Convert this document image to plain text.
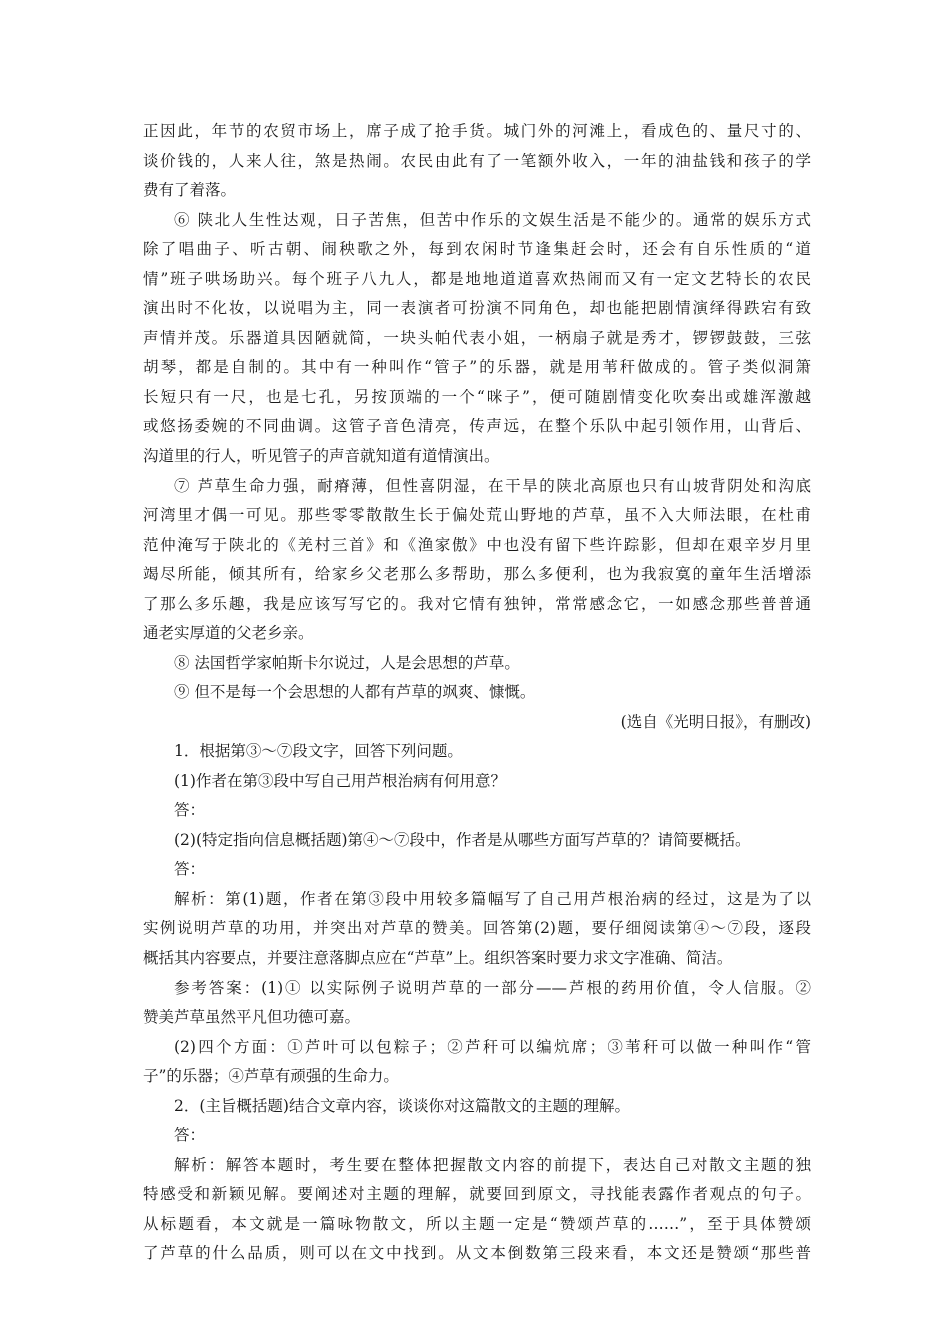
正因此，年节的农贸市场上，席子成了抢手货。城门外的河滩上，看成色的、量尺寸的、
谈价钱的，人来人往，煞是热闹。农民由此有了一笔额外收入，一年的油盐钱和孩子的学
费有了着落。
⑥ 陕北人生性达观，日子苦焦，但苦中作乐的文娱生活是不能少的。通常的娱乐方式
除了唱曲子、听古朝、闹秧歌之外，每到农闲时节逢集赶会时，还会有自乐性质的“道
情”班子哄场助兴。每个班子八九人，都是地地道道喜欢热闹而又有一定文艺特长的农民
演出时不化妆，以说唱为主，同一表演者可扮演不同角色，却也能把剧情演绎得跌宕有致
声情并茂。乐器道具因陋就简，一块头帕代表小姐，一柄扇子就是秀才，锣锣鼓鼓，三弦
胡琴，都是自制的。其中有一种叫作“管子”的乐器，就是用苇秆做成的。管子类似洞箫
长短只有一尺，也是七孔，另按顶端的一个“咪子”，便可随剧情变化吹奏出或雄浑激越
或悠扬委婉的不同曲调。这管子音色清亮，传声远，在整个乐队中起引领作用，山背后、
沟道里的行人，听见管子的声音就知道有道情演出。
⑦ 芦草生命力强，耐瘠薄，但性喜阴湿，在干旱的陕北高原也只有山坡背阴处和沟底
河湾里才偶一可见。那些零零散散生长于偏处荒山野地的芦草，虽不入大师法眼，在杜甫
范仲淹写于陕北的《羌村三首》和《渔家傲》中也没有留下些许踪影，但却在艰辛岁月里
竭尽所能，倾其所有，给家乡父老那么多帮助，那么多便利，也为我寂寞的童年生活增添
了那么多乐趣，我是应该写写它的。我对它情有独钟，常常感念它，一如感念那些普普通
通老实厚道的父老乡亲。
⑧ 法国哲学家帕斯卡尔说过，人是会思想的芦草。
⑨ 但不是每一个会思想的人都有芦草的飒爽、慷慨。
(选自《光明日报》，有删改)
1．根据第③～⑦段文字，回答下列问题。
(1)作者在第③段中写自己用芦根治病有何用意？
答：
(2)(特定指向信息概括题)第④～⑦段中，作者是从哪些方面写芦草的？请简要概括。
答：
解析：第(1)题，作者在第③段中用较多篇幅写了自己用芦根治病的经过，这是为了以
实例说明芦草的功用，并突出对芦草的赞美。回答第(2)题，要仔细阅读第④～⑦段，逐段
概括其内容要点，并要注意落脚点应在“芦草”上。组织答案时要力求文字准确、简洁。
参考答案：(1)① 以实际例子说明芦草的一部分——芦根的药用价值，令人信服。②
赞美芦草虽然平凡但功德可嘉。
(2)四个方面：①芦叶可以包粽子；②芦秆可以编炕席；③苇秆可以做一种叫作“管
子”的乐器；④芦草有顽强的生命力。
2．(主旨概括题)结合文章内容，谈谈你对这篇散文的主题的理解。
答：
解析：解答本题时，考生要在整体把握散文内容的前提下，表达自己对散文主题的独
特感受和新颖见解。要阐述对主题的理解，就要回到原文，寻找能表露作者观点的句子。
从标题看，本文就是一篇咏物散文，所以主题一定是“赞颂芦草的……”，至于具体赞颂
了芦草的什么品质，则可以在文中找到。从文本倒数第三段来看，本文还是赞颂“那些普
